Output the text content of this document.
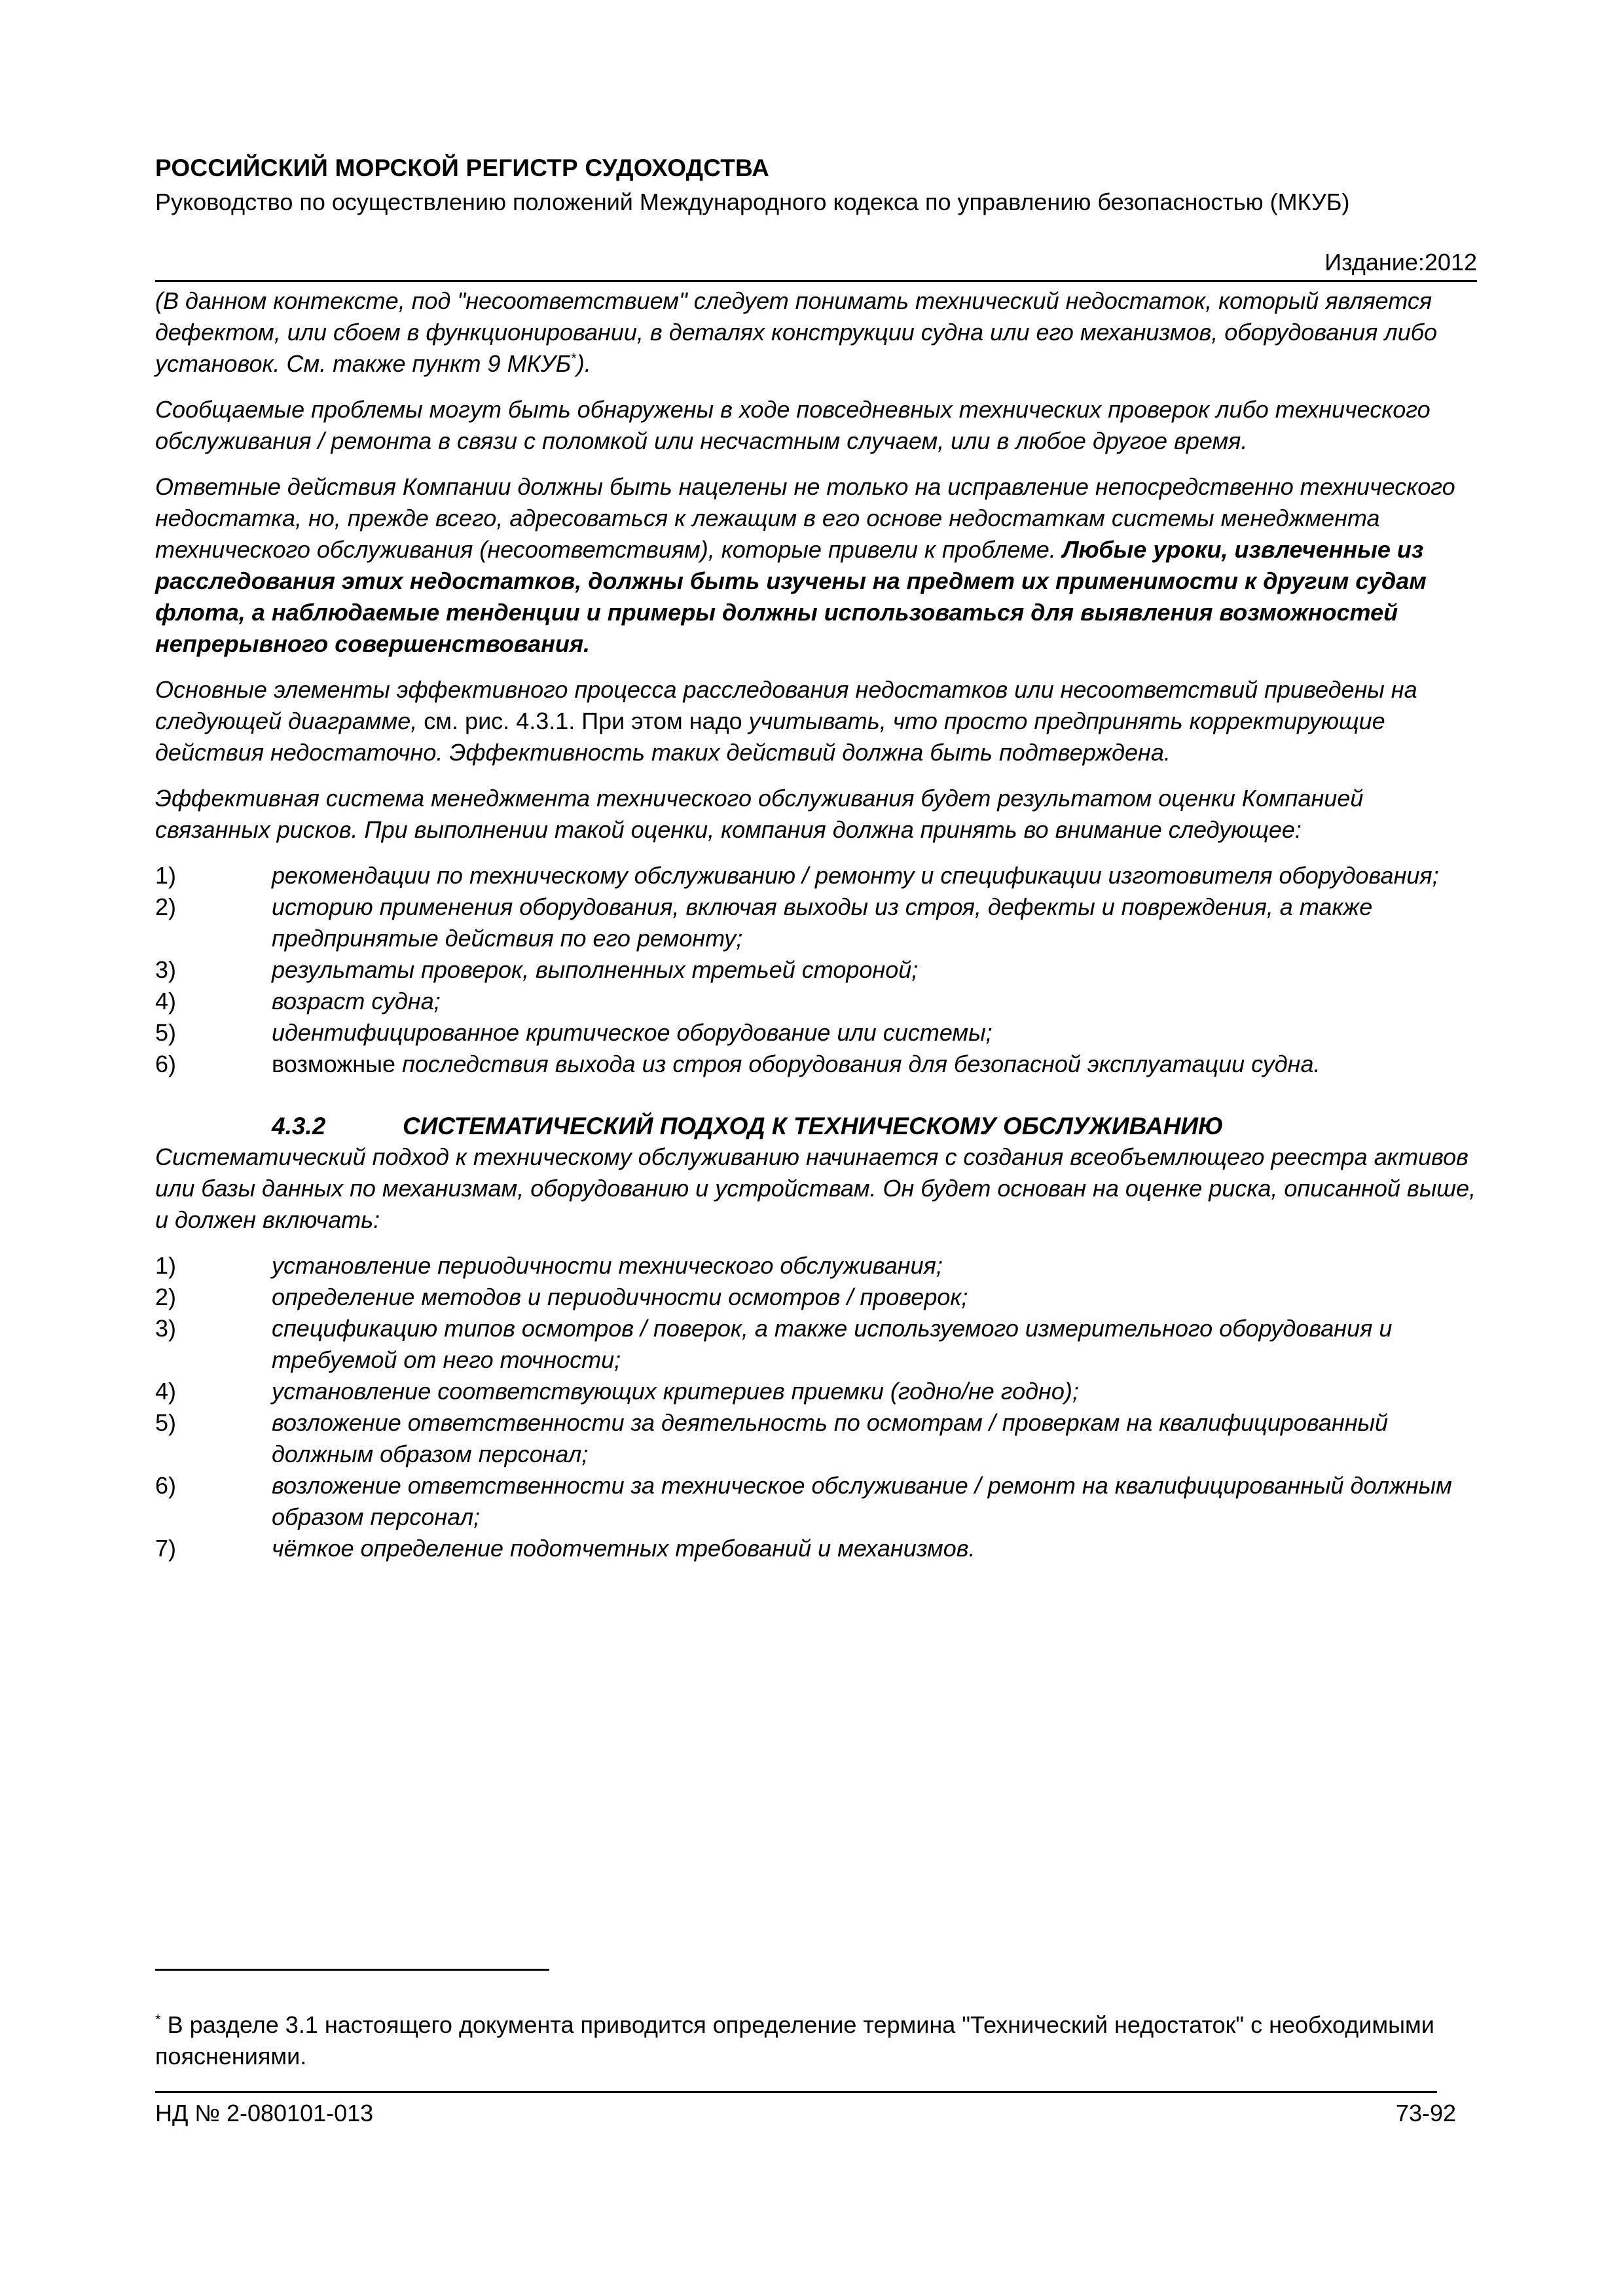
РОССИЙСКИЙ МОРСКОЙ РЕГИСТР СУДОХОДСТВА
Руководство по осуществлению положений Международного кодекса по управлению безопасностью (МКУБ)
Издание:2012

(В данном контексте, под "несоответствием" следует понимать технический недостаток, который является дефектом, или сбоем в функционировании, в деталях конструкции судна или его механизмов, оборудования либо установок. См. также пункт 9 МКУБ*).

Сообщаемые проблемы могут быть обнаружены в ходе повседневных технических проверок либо технического обслуживания / ремонта в связи с поломкой или несчастным случаем, или в любое другое время.

Ответные действия Компании должны быть нацелены не только на исправление непосредственно технического недостатка, но, прежде всего, адресоваться к лежащим в его основе недостаткам системы менеджмента технического обслуживания (несоответствиям), которые привели к проблеме. Любые уроки, извлеченные из расследования этих недостатков, должны быть изучены на предмет их применимости к другим судам флота, а наблюдаемые тенденции и примеры должны использоваться для выявления возможностей непрерывного совершенствования.

Основные элементы эффективного процесса расследования недостатков или несоответствий приведены на следующей диаграмме, см. рис. 4.3.1. При этом надо учитывать, что просто предпринять корректирующие действия недостаточно. Эффективность таких действий должна быть подтверждена.

Эффективная система менеджмента технического обслуживания будет результатом оценки Компанией связанных рисков. При выполнении такой оценки, компания должна принять во внимание следующее:

1)	рекомендации по техническому обслуживанию / ремонту и спецификации изготовителя оборудования;
2)	историю применения оборудования, включая выходы из строя, дефекты и повреждения, а также предпринятые действия по его ремонту;
3)	результаты проверок, выполненных третьей стороной;
4)	возраст судна;
5)	идентифицированное критическое оборудование или системы;
6)	возможные последствия выхода из строя оборудования для безопасной эксплуатации судна.
4.3.2	СИСТЕМАТИЧЕСКИЙ ПОДХОД К ТЕХНИЧЕСКОМУ ОБСЛУЖИВАНИЮ

Систематический подход к техническому обслуживанию начинается с создания всеобъемлющего реестра активов или базы данных по механизмам, оборудованию и устройствам. Он будет основан на оценке риска, описанной выше, и должен включать:

1)	установление периодичности технического обслуживания;
2)	определение методов и периодичности осмотров / проверок;
3)	спецификацию типов осмотров / поверок, а также используемого измерительного оборудования и требуемой от него точности;
4)	установление соответствующих критериев приемки (годно/не годно);
5)	возложение ответственности за деятельность по осмотрам / проверкам на квалифицированный должным образом персонал;
6)	возложение ответственности за техническое обслуживание / ремонт на квалифицированный должным образом персонал;
7)	чёткое определение подотчетных требований и механизмов.
* В разделе 3.1 настоящего документа приводится определение термина "Технический недостаток" с необходимыми пояснениями.
НД № 2-080101-013	73-92
